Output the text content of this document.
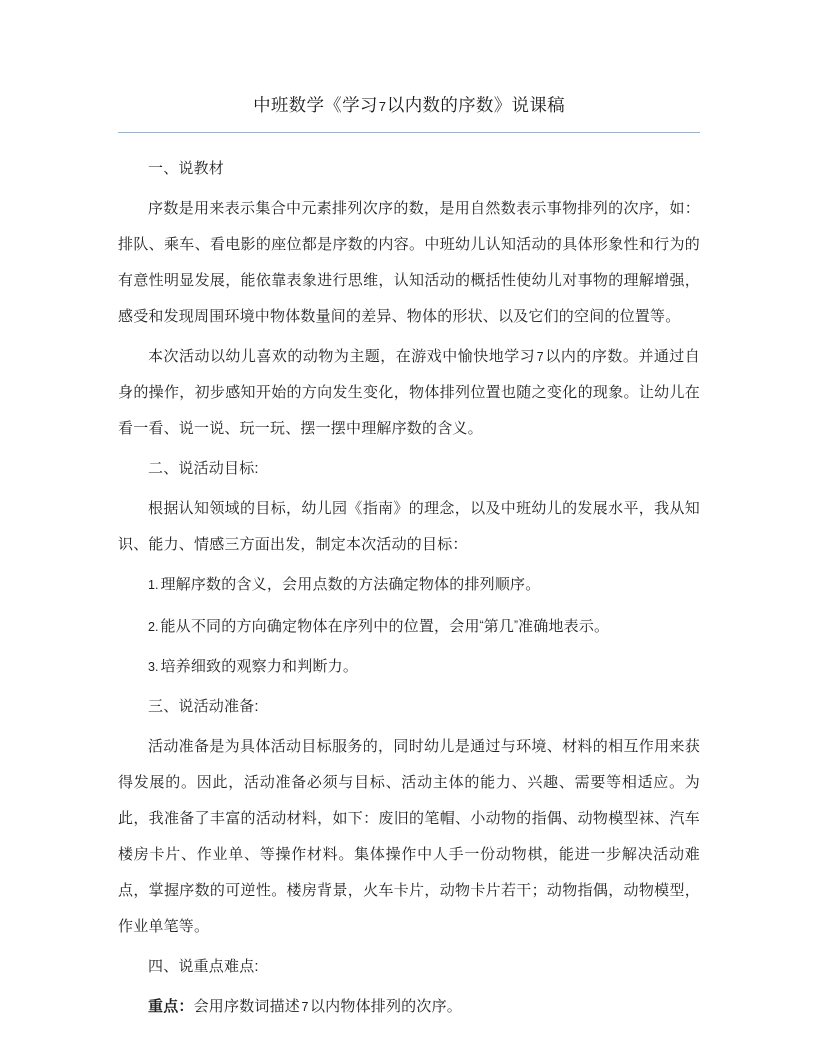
中班数学《学习7以内数的序数》说课稿

一、说教材

序数是用来表示集合中元素排列次序的数，是用自然数表示事物排列的次序，如：排队、乘车、看电影的座位都是序数的内容。中班幼儿认知活动的具体形象性和行为的有意性明显发展，能依靠表象进行思维，认知活动的概括性使幼儿对事物的理解增强，感受和发现周围环境中物体数量间的差异、物体的形状、以及它们的空间的位置等。

本次活动以幼儿喜欢的动物为主题，在游戏中愉快地学习 7 以内的序数。并通过自身的操作，初步感知开始的方向发生变化，物体排列位置也随之变化的现象。让幼儿在看一看、说一说、玩一玩、摆一摆中理解序数的含义。

二、说活动目标:

根据认知领域的目标，幼儿园《指南》的理念，以及中班幼儿的发展水平，我从知识、能力、情感三方面出发，制定本次活动的目标：

1. 理解序数的含义，会用点数的方法确定物体的排列顺序。

2. 能从不同的方向确定物体在序列中的位置，会用“第几”准确地表示。

3. 培养细致的观察力和判断力。

三、说活动准备:

活动准备是为具体活动目标服务的，同时幼儿是通过与环境、材料的相互作用来获得发展的。因此，活动准备必须与目标、活动主体的能力、兴趣、需要等相适应。为此，我准备了丰富的活动材料，如下：废旧的笔帽、小动物的指偶、动物模型袜、汽车楼房卡片、作业单、等操作材料。集体操作中人手一份动物棋，能进一步解决活动难点，掌握序数的可逆性。楼房背景，火车卡片，动物卡片若干；动物指偶，动物模型，作业单笔等。

四、说重点难点:

重点：会用序数词描述 7 以内物体排列的次序。
